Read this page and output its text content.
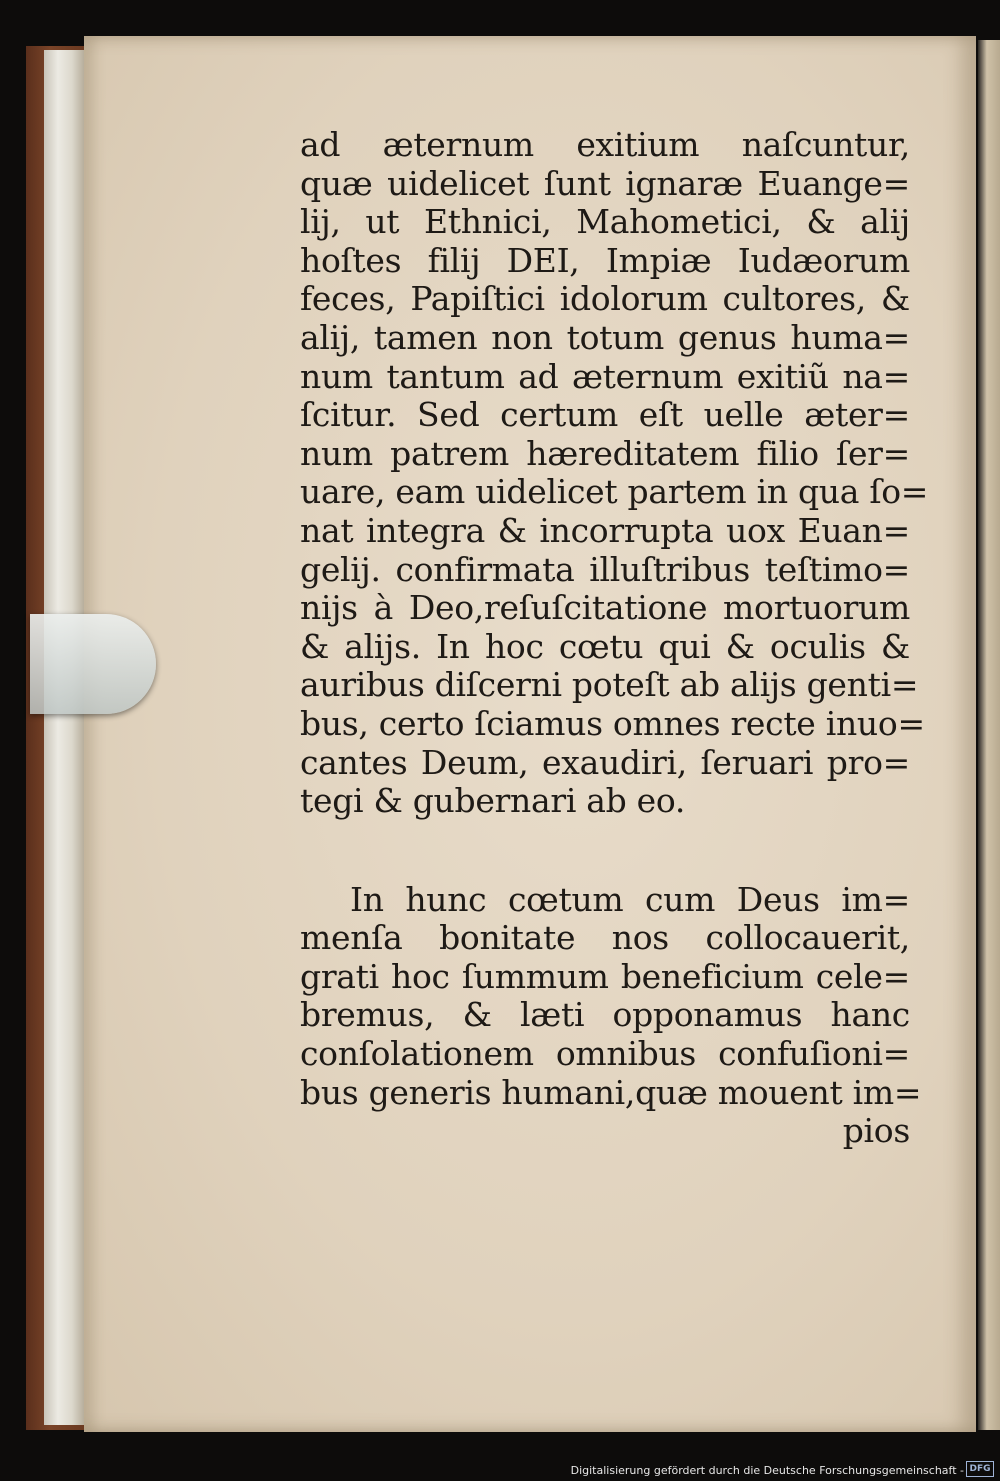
ad æternum exitium naſcuntur,
quæ uidelicet ſunt ignaræ Euange=
lij, ut Ethnici, Mahometici, & alij
hoſtes filij DEI, Impiæ Iudæorum
feces, Papiſtici idolorum cultores, &
alij, tamen non totum genus huma=
num tantum ad æternum exitiũ na=
ſcitur. Sed certum eſt uelle æter=
num patrem hæreditatem filio ſer=
uare, eam uidelicet partem in qua ſo=
nat integra & incorrupta uox Euan=
gelij. confirmata illuſtribus teſtimo=
nijs à Deo,reſuſcitatione mortuorum
& alijs. In hoc cœtu qui & oculis &
auribus diſcerni poteſt ab alijs genti=
bus, certo ſciamus omnes recte inuo=
cantes Deum, exaudiri, ſeruari pro=
tegi & gubernari ab eo.
In hunc cœtum cum Deus im=
menſa bonitate nos collocauerit,
grati hoc ſummum beneficium cele=
bremus, & læti opponamus hanc
conſolationem omnibus confuſioni=
bus generis humani,quæ mouent im=
pios
Digitalisierung gefördert durch die Deutsche Forschungsgemeinschaft - DFG
